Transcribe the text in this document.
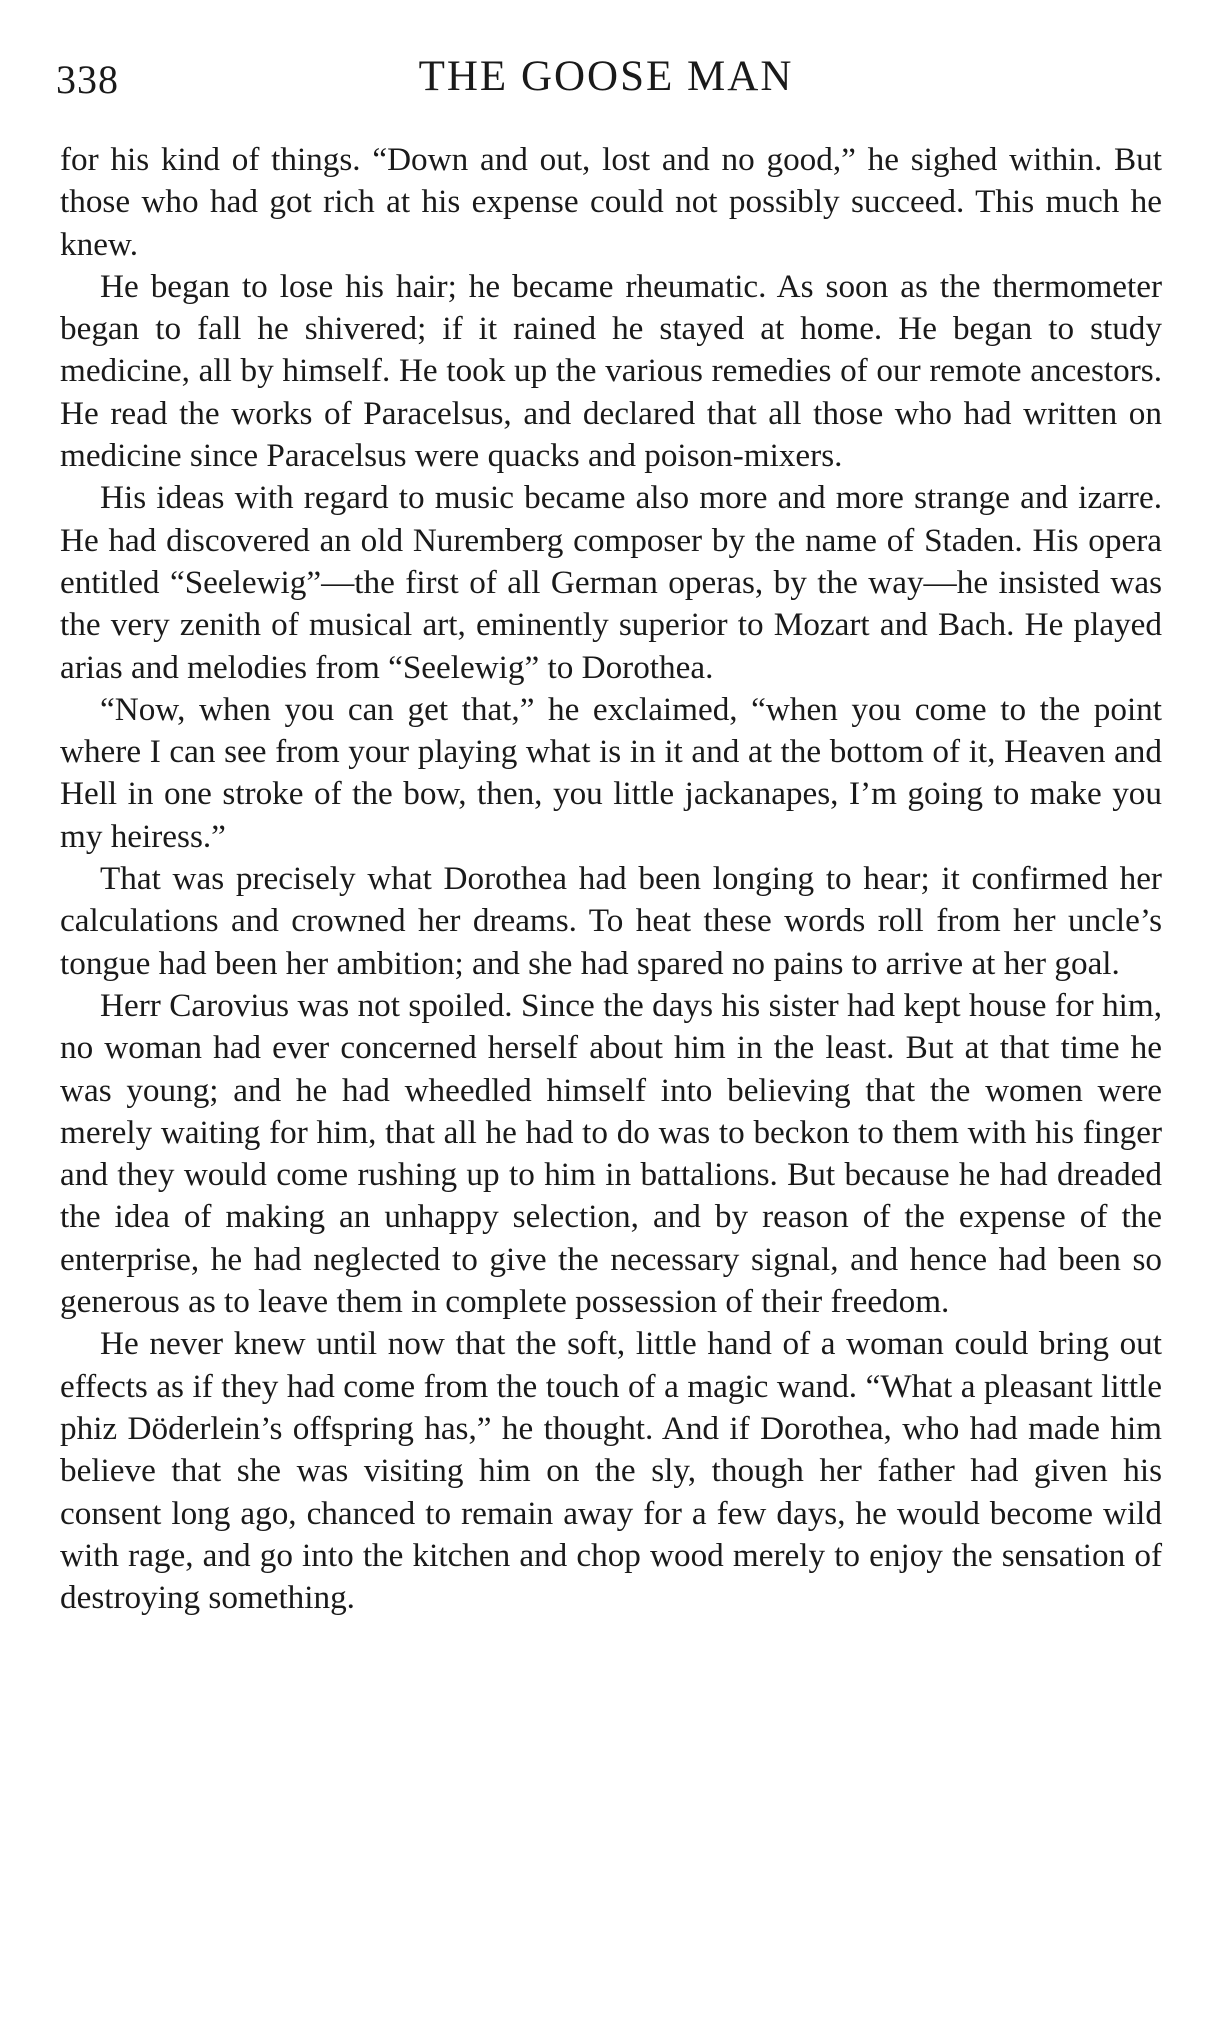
338	THE GOOSE MAN

for his kind of things. “Down and out, lost and no good,” he sighed within. But those who had got rich at his expense could not possibly succeed. This much he knew.

He began to lose his hair; he became rheumatic. As soon as the thermometer began to fall he shivered; if it rained he stayed at home. He began to study medicine, all by himself. He took up the various remedies of our remote ancestors. He read the works of Paracelsus, and declared that all those who had written on medicine since Paracelsus were quacks and poison-mixers.

His ideas with regard to music became also more and more strange and izarre. He had discovered an old Nuremberg composer by the name of Staden. His opera entitled “Seelewig”—the first of all German operas, by the way—he insisted was the very zenith of musical art, eminently superior to Mozart and Bach. He played arias and melodies from “Seelewig” to Dorothea.

“Now, when you can get that,” he exclaimed, “when you come to the point where I can see from your playing what is in it and at the bottom of it, Heaven and Hell in one stroke of the bow, then, you little jackanapes, I’m going to make you my heiress.”

That was precisely what Dorothea had been longing to hear; it confirmed her calculations and crowned her dreams. To heat these words roll from her uncle’s tongue had been her ambition; and she had spared no pains to arrive at her goal.

Herr Carovius was not spoiled. Since the days his sister had kept house for him, no woman had ever concerned herself about him in the least. But at that time he was young; and he had wheedled himself into believing that the women were merely waiting for him, that all he had to do was to beckon to them with his finger and they would come rushing up to him in battalions. But because he had dreaded the idea of making an unhappy selection, and by reason of the expense of the enterprise, he had neglected to give the necessary signal, and hence had been so generous as to leave them in complete possession of their freedom.

He never knew until now that the soft, little hand of a woman could bring out effects as if they had come from the touch of a magic wand. “What a pleasant little phiz Döderlein’s offspring has,” he thought. And if Dorothea, who had made him believe that she was visiting him on the sly, though her father had given his consent long ago, chanced to remain away for a few days, he would become wild with rage, and go into the kitchen and chop wood merely to enjoy the sensation of destroying something.
